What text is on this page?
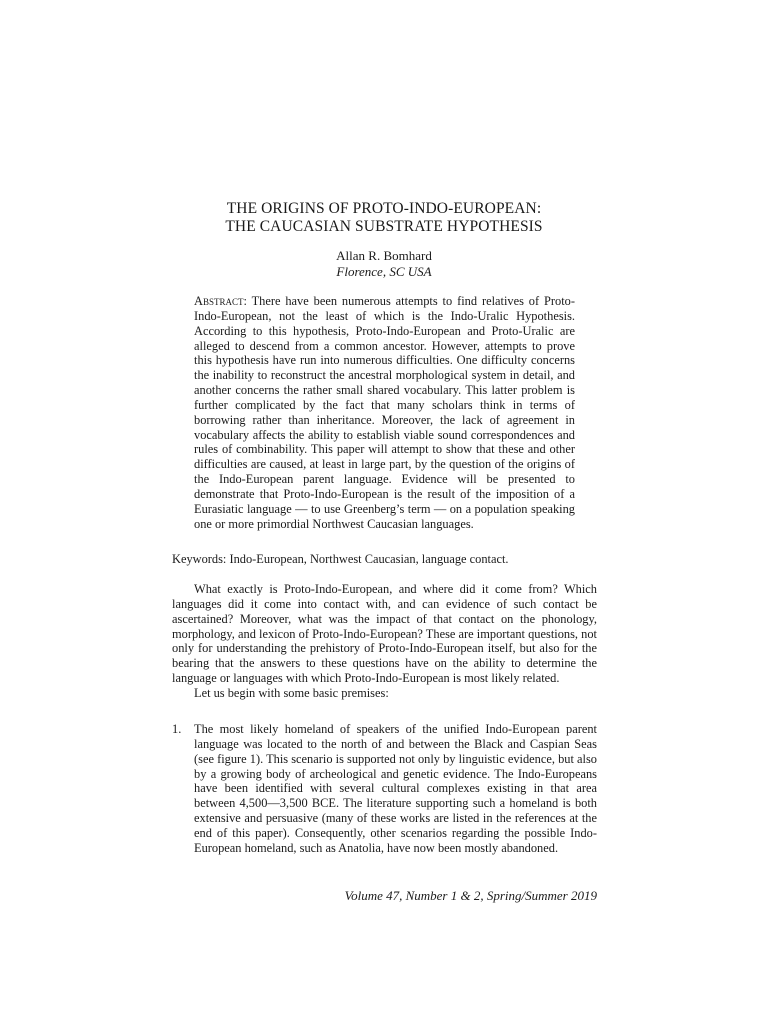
THE ORIGINS OF PROTO-INDO-EUROPEAN:
THE CAUCASIAN SUBSTRATE HYPOTHESIS
Allan R. Bomhard
Florence, SC USA
Abstract: There have been numerous attempts to find relatives of Proto-Indo-European, not the least of which is the Indo-Uralic Hypothesis. According to this hypothesis, Proto-Indo-European and Proto-Uralic are alleged to descend from a common ancestor. However, attempts to prove this hypothesis have run into numerous difficulties. One difficulty concerns the inability to reconstruct the ancestral morphological system in detail, and another concerns the rather small shared vocabulary. This latter problem is further complicated by the fact that many scholars think in terms of borrowing rather than inheritance. Moreover, the lack of agreement in vocabulary affects the ability to establish viable sound correspondences and rules of combinability. This paper will attempt to show that these and other difficulties are caused, at least in large part, by the question of the origins of the Indo-European parent language. Evidence will be presented to demonstrate that Proto-Indo-European is the result of the imposition of a Eurasiatic language — to use Greenberg’s term — on a population speaking one or more primordial Northwest Caucasian languages.
Keywords: Indo-European, Northwest Caucasian, language contact.

What exactly is Proto-Indo-European, and where did it come from? Which languages did it come into contact with, and can evidence of such contact be ascertained? Moreover, what was the impact of that contact on the phonology, morphology, and lexicon of Proto-Indo-European? These are important questions, not only for understanding the prehistory of Proto-Indo-European itself, but also for the bearing that the answers to these questions have on the ability to determine the language or languages with which Proto-Indo-European is most likely related.

Let us begin with some basic premises:

1. The most likely homeland of speakers of the unified Indo-European parent language was located to the north of and between the Black and Caspian Seas (see figure 1). This scenario is supported not only by linguistic evidence, but also by a growing body of archeological and genetic evidence. The Indo-Europeans have been identified with several cultural complexes existing in that area between 4,500—3,500 BCE. The literature supporting such a homeland is both extensive and persuasive (many of these works are listed in the references at the end of this paper). Consequently, other scenarios regarding the possible Indo-European homeland, such as Anatolia, have now been mostly abandoned.
Volume 47, Number 1 & 2, Spring/Summer 2019
